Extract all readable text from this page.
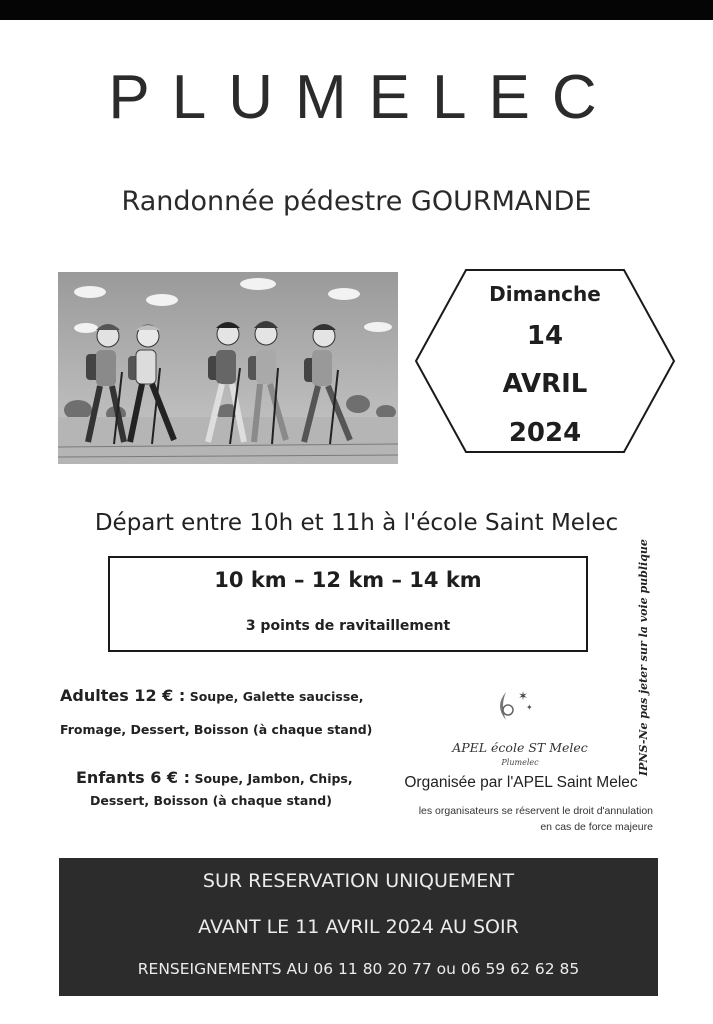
PLUMELEC
Randonnée pédestre GOURMANDE
Dimanche
14
AVRIL
2024
Départ entre 10h et 11h à l'école Saint Melec
10 km – 12 km – 14 km
3 points de ravitaillement	IPNS-Ne pas jeter sur la voie publique
Adultes 12 € : Soupe, Galette saucisse,
Fromage, Dessert, Boisson (à chaque stand)
Enfants 6 € : Soupe, Jambon, Chips,
Dessert, Boisson (à chaque stand)
✶
✦
APEL école ST Melec
Plumelec
Organisée par l'APEL Saint Melec
les organisateurs se réservent le droit d'annulation
en cas de force majeure
SUR RESERVATION UNIQUEMENT
AVANT LE 11 AVRIL 2024 AU SOIR
RENSEIGNEMENTS AU 06 11 80 20 77 ou 06 59 62 62 85
